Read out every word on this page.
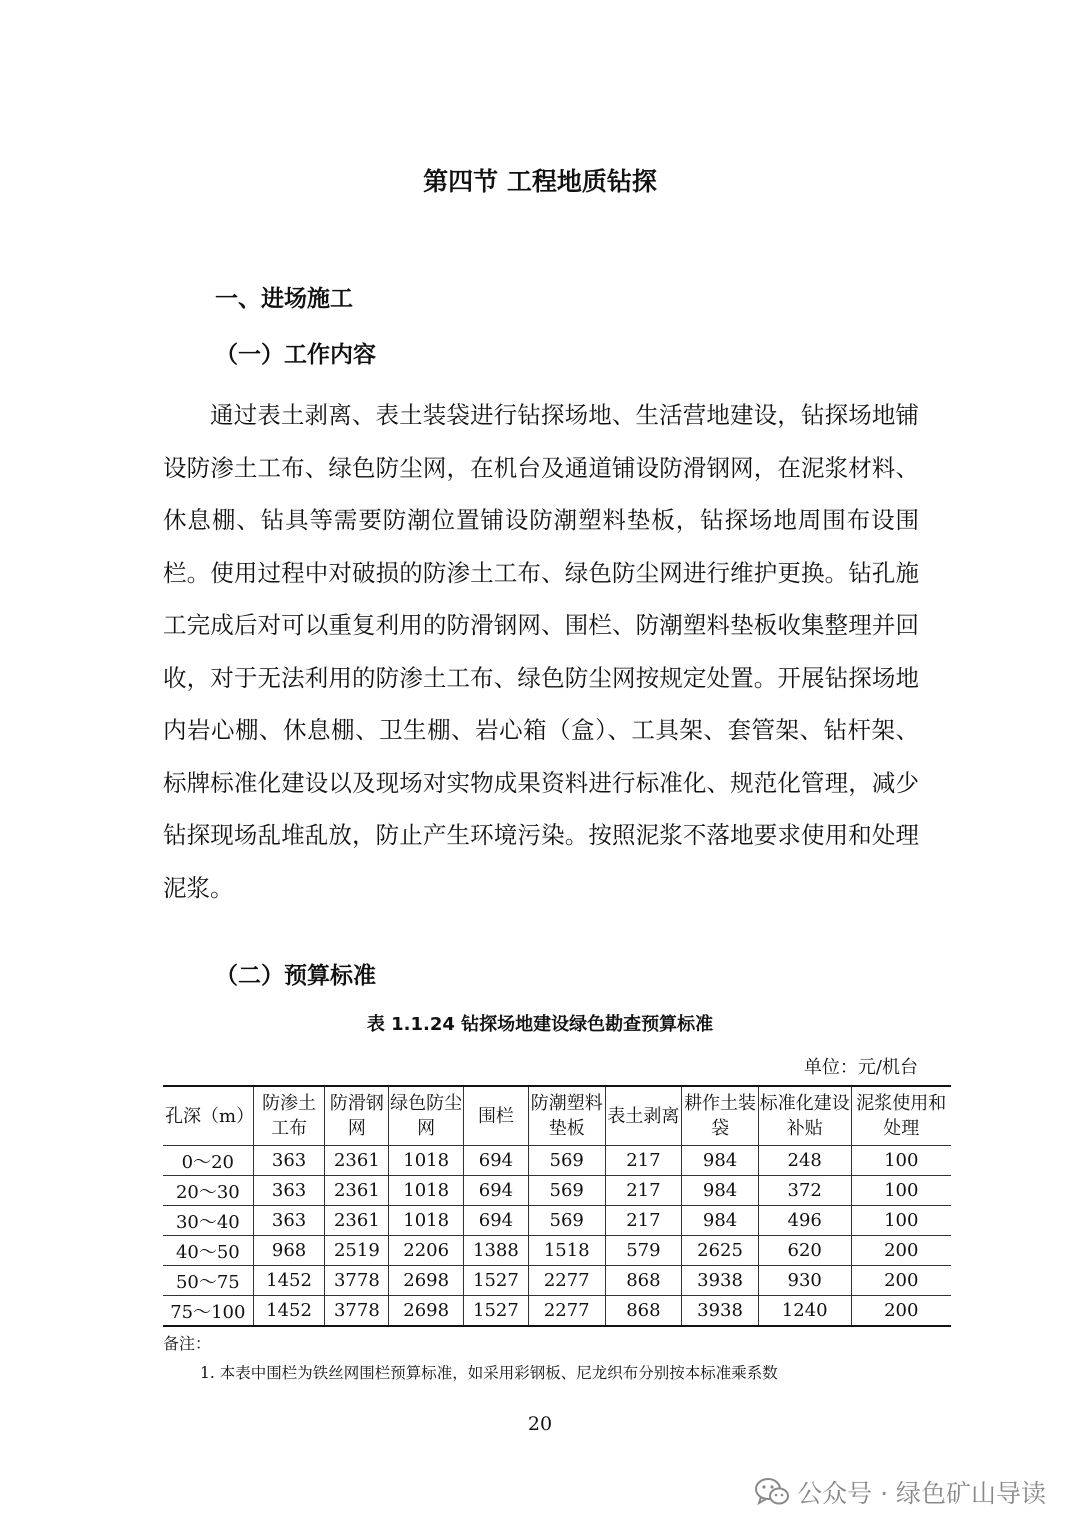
第四节 工程地质钻探
一、进场施工
（一）工作内容

通过表土剥离、表土装袋进行钻探场地、生活营地建设，钻探场地铺设防渗土工布、绿色防尘网，在机台及通道铺设防滑钢网，在泥浆材料、休息棚、钻具等需要防潮位置铺设防潮塑料垫板，钻探场地周围布设围栏。使用过程中对破损的防渗土工布、绿色防尘网进行维护更换。钻孔施工完成后对可以重复利用的防滑钢网、围栏、防潮塑料垫板收集整理并回收，对于无法利用的防渗土工布、绿色防尘网按规定处置。开展钻探场地内岩心棚、休息棚、卫生棚、岩心箱（盒）、工具架、套管架、钻杆架、标牌标准化建设以及现场对实物成果资料进行标准化、规范化管理，减少钻探现场乱堆乱放，防止产生环境污染。按照泥浆不落地要求使用和处理泥浆。

（二）预算标准
表 1.1.24 钻探场地建设绿色勘查预算标准
单位：元/机台
孔深（m）	防渗土工布	防滑钢网	绿色防尘网	围栏	防潮塑料垫板	表土剥离	耕作土装袋	标准化建设补贴	泥浆使用和处理
0～20	363	2361	1018	694	569	217	984	248	100
20～30	363	2361	1018	694	569	217	984	372	100
30～40	363	2361	1018	694	569	217	984	496	100
40～50	968	2519	2206	1388	1518	579	2625	620	200
50～75	1452	3778	2698	1527	2277	868	3938	930	200
75～100	1452	3778	2698	1527	2277	868	3938	1240	200
备注：
1. 本表中围栏为铁丝网围栏预算标准，如采用彩钢板、尼龙织布分别按本标准乘系数
20
公众号 · 绿色矿山导读
